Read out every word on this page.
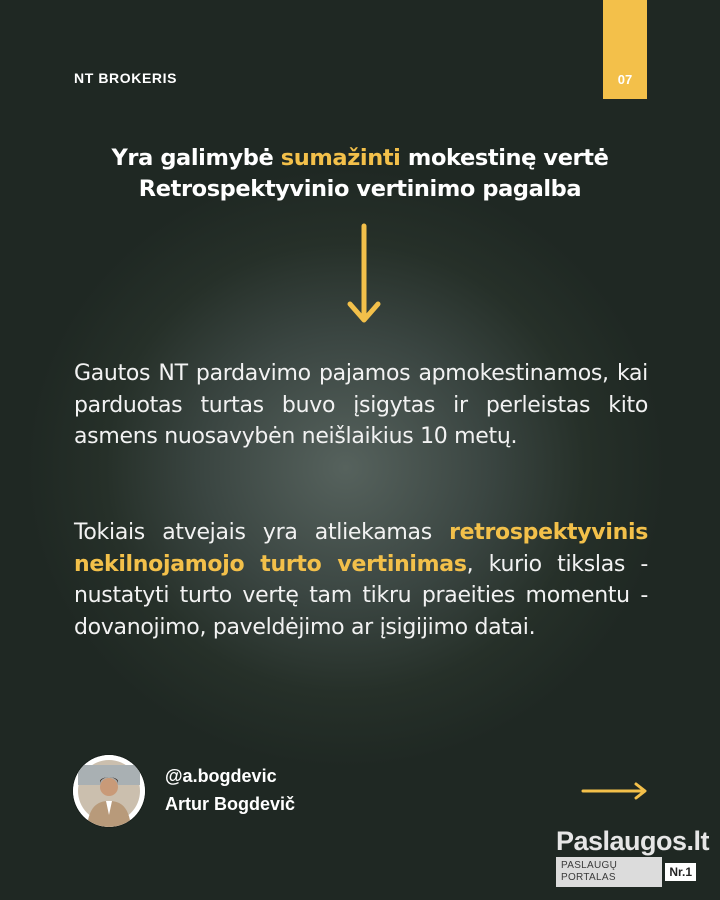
NT BROKERIS	07
Yra galimybė sumažinti mokestinę vertė
Retrospektyvinio vertinimo pagalba
Gautos NT pardavimo pajamos apmokestinamos, kai parduotas turtas buvo įsigytas ir perleistas kito asmens nuosavybėn neišlaikius 10 metų.
Tokiais atvejais yra atliekamas retrospektyvinis nekilnojamojo turto vertinimas, kurio tikslas - nustatyti turto vertę tam tikru praeities momentu - dovanojimo, paveldėjimo ar įsigijimo datai.
@a.bogdevic
Artur Bogdevič
Paslaugos.lt
PASLAUGŲ PORTALAS	Nr.1
